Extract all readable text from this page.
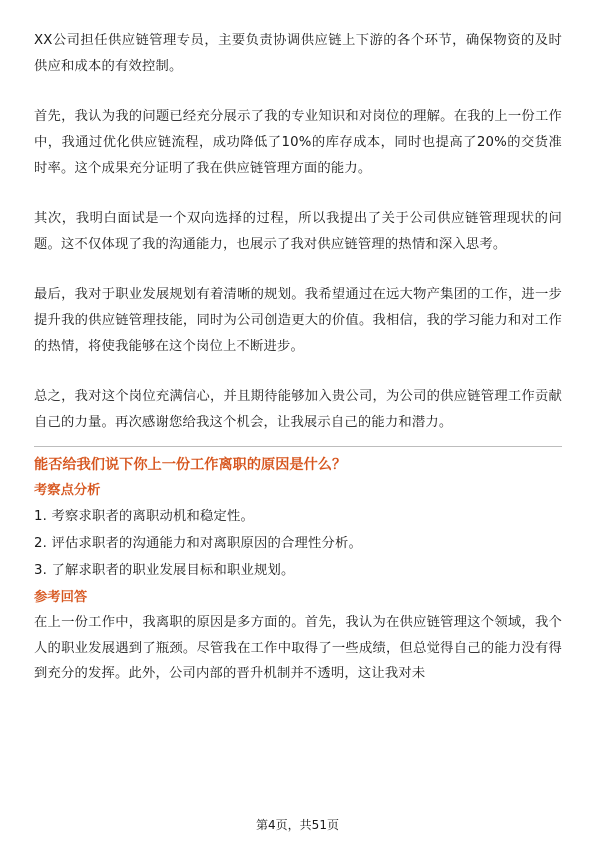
XX公司担任供应链管理专员，主要负责协调供应链上下游的各个环节，确保物资的及时供应和成本的有效控制。

首先，我认为我的问题已经充分展示了我的专业知识和对岗位的理解。在我的上一份工作中，我通过优化供应链流程，成功降低了10%的库存成本，同时也提高了20%的交货准时率。这个成果充分证明了我在供应链管理方面的能力。

其次，我明白面试是一个双向选择的过程，所以我提出了关于公司供应链管理现状的问题。这不仅体现了我的沟通能力，也展示了我对供应链管理的热情和深入思考。

最后，我对于职业发展规划有着清晰的规划。我希望通过在远大物产集团的工作，进一步提升我的供应链管理技能，同时为公司创造更大的价值。我相信，我的学习能力和对工作的热情，将使我能够在这个岗位上不断进步。

总之，我对这个岗位充满信心，并且期待能够加入贵公司，为公司的供应链管理工作贡献自己的力量。再次感谢您给我这个机会，让我展示自己的能力和潜力。

能否给我们说下你上一份工作离职的原因是什么？
考察点分析
1. 考察求职者的离职动机和稳定性。
2. 评估求职者的沟通能力和对离职原因的合理性分析。
3. 了解求职者的职业发展目标和职业规划。
参考回答

在上一份工作中，我离职的原因是多方面的。首先，我认为在供应链管理这个领域，我个人的职业发展遇到了瓶颈。尽管我在工作中取得了一些成绩，但总觉得自己的能力没有得到充分的发挥。此外，公司内部的晋升机制并不透明，这让我对未

第4页，共51页
